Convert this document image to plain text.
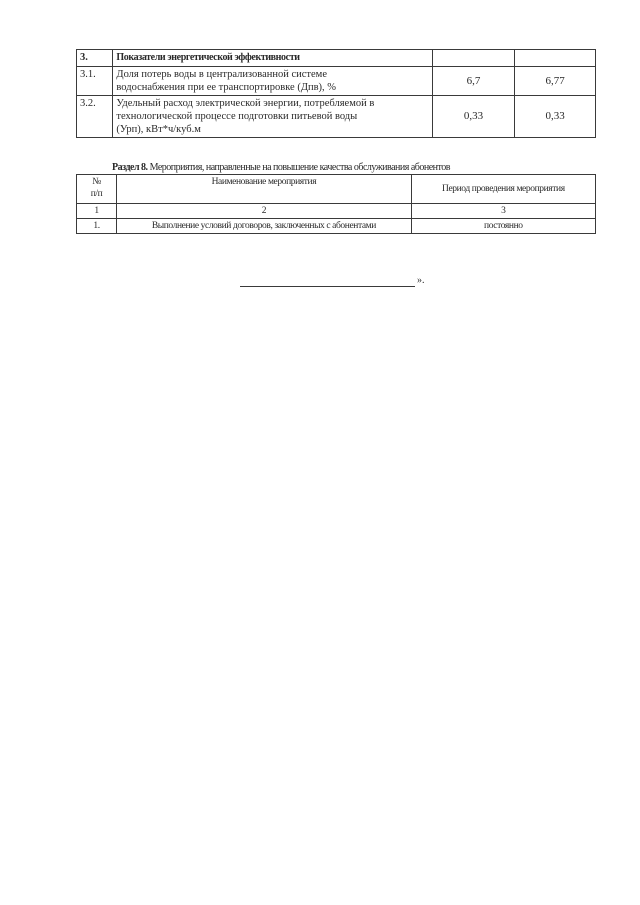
3.	Показатели энергетической эффективности		
3.1.	Доля потерь воды в централизованной системе
водоснабжения при ее транспортировке (Дпв), %	6,7	6,77
3.2.	Удельный расход электрической энергии, потребляемой в
технологической процессе подготовки питьевой воды
(Урп), кВт*ч/куб.м	0,33	0,33
Раздел 8. Мероприятия, направленные на повышение качества обслуживания абонентов
№
п/п	Наименование мероприятия	Период проведения мероприятия
1	2	3
1.	Выполнение условий договоров, заключенных с абонентами	постоянно
».
